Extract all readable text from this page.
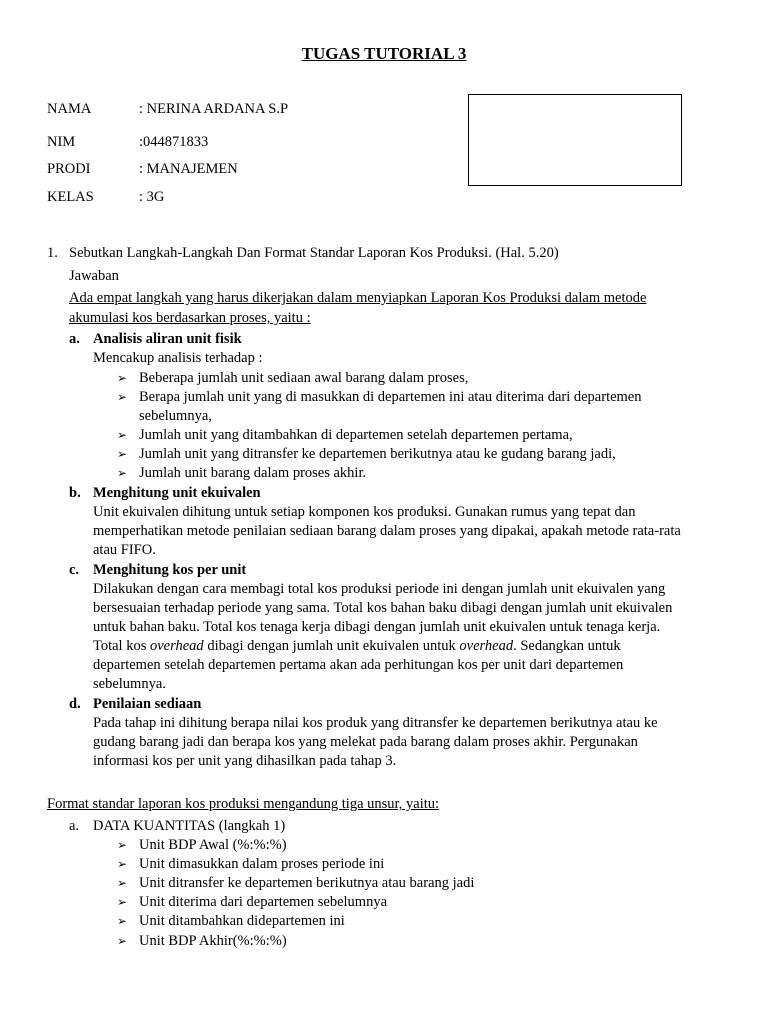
TUGAS TUTORIAL 3
NAMA	: NERINA ARDANA S.P
NIM	:044871833
PRODI	: MANAJEMEN
KELAS	: 3G
1. Sebutkan Langkah-Langkah Dan Format Standar Laporan Kos Produksi. (Hal. 5.20)
Jawaban
Ada empat langkah yang harus dikerjakan dalam menyiapkan Laporan Kos Produksi dalam metode
akumulasi kos berdasarkan proses, yaitu :
a. Analisis aliran unit fisik
Mencakup analisis terhadap :
➢ Beberapa jumlah unit sediaan awal barang dalam proses,
➢ Berapa jumlah unit yang di masukkan di departemen ini atau diterima dari departemen
sebelumnya,
➢ Jumlah unit yang ditambahkan di departemen setelah departemen pertama,
➢ Jumlah unit yang ditransfer ke departemen berikutnya atau ke gudang barang jadi,
➢ Jumlah unit barang dalam proses akhir.
b. Menghitung unit ekuivalen
Unit ekuivalen dihitung untuk setiap komponen kos produksi. Gunakan rumus yang tepat dan
memperhatikan metode penilaian sediaan barang dalam proses yang dipakai, apakah metode rata-rata
atau FIFO.
c. Menghitung kos per unit
Dilakukan dengan cara membagi total kos produksi periode ini dengan jumlah unit ekuivalen yang
bersesuaian terhadap periode yang sama. Total kos bahan baku dibagi dengan jumlah unit ekuivalen
untuk bahan baku. Total kos tenaga kerja dibagi dengan jumlah unit ekuivalen untuk tenaga kerja.
Total kos overhead dibagi dengan jumlah unit ekuivalen untuk overhead. Sedangkan untuk
departemen setelah departemen pertama akan ada perhitungan kos per unit dari departemen
sebelumnya.
d. Penilaian sediaan
Pada tahap ini dihitung berapa nilai kos produk yang ditransfer ke departemen berikutnya atau ke
gudang barang jadi dan berapa kos yang melekat pada barang dalam proses akhir. Pergunakan
informasi kos per unit yang dihasilkan pada tahap 3.
Format standar laporan kos produksi mengandung tiga unsur, yaitu:
a. DATA KUANTITAS (langkah 1)
➢ Unit BDP Awal (%:%:%)
➢ Unit dimasukkan dalam proses periode ini
➢ Unit ditransfer ke departemen berikutnya atau barang jadi
➢ Unit diterima dari departemen sebelumnya
➢ Unit ditambahkan didepartemen ini
➢ Unit BDP Akhir(%:%:%)
